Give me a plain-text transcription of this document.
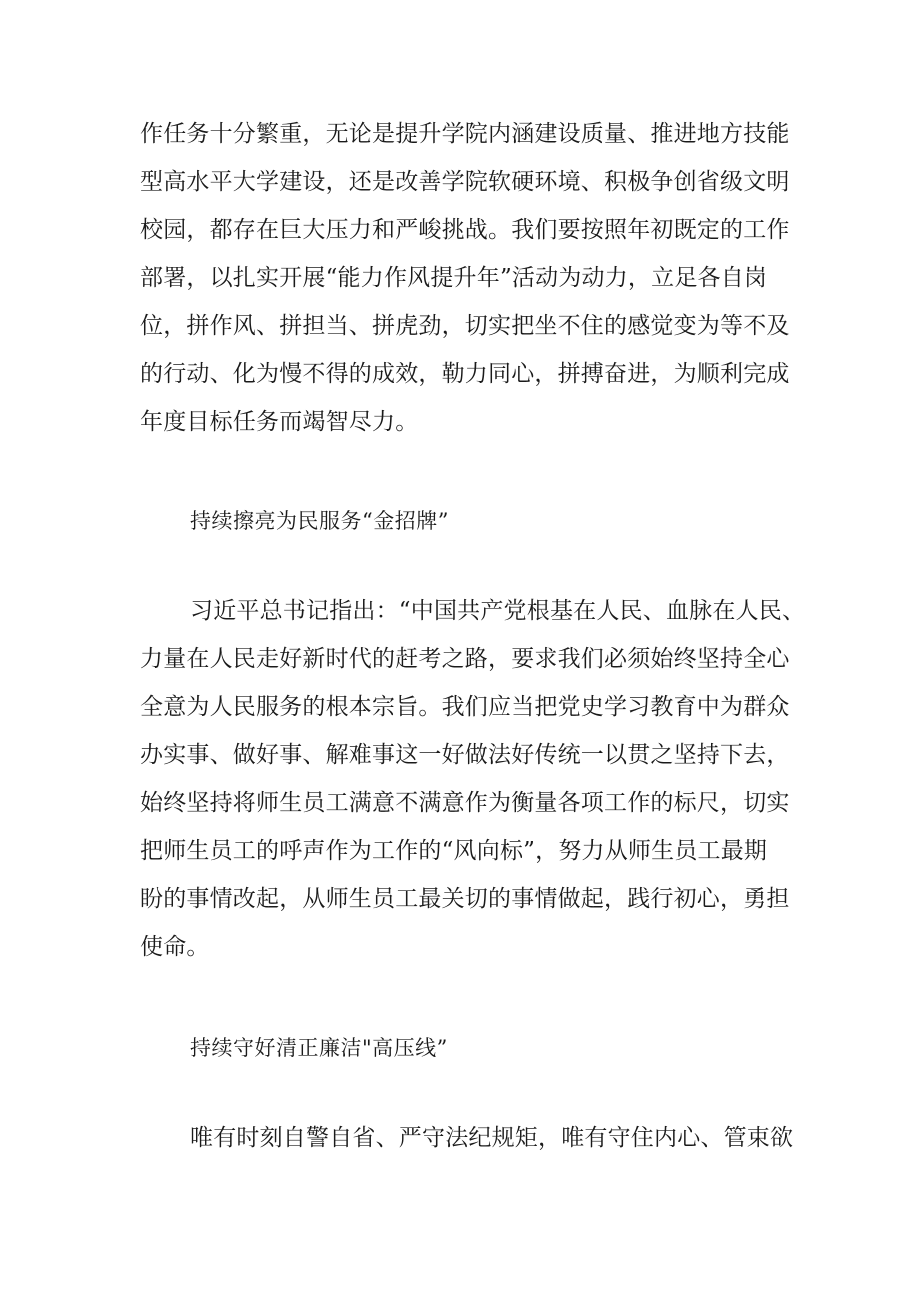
作任务十分繁重，无论是提升学院内涵建设质量、推进地方技能
型高水平大学建设，还是改善学院软硬环境、积极争创省级文明
校园，都存在巨大压力和严峻挑战。我们要按照年初既定的工作
部署，以扎实开展“能力作风提升年”活动为动力，立足各自岗
位，拼作风、拼担当、拼虎劲，切实把坐不住的感觉变为等不及
的行动、化为慢不得的成效，勒力同心，拼搏奋进，为顺利完成
年度目标任务而竭智尽力。
持续擦亮为民服务“金招牌”
习近平总书记指出：“中国共产党根基在人民、血脉在人民、
力量在人民走好新时代的赶考之路，要求我们必须始终坚持全心
全意为人民服务的根本宗旨。我们应当把党史学习教育中为群众
办实事、做好事、解难事这一好做法好传统一以贯之坚持下去，
始终坚持将师生员工满意不满意作为衡量各项工作的标尺，切实
把师生员工的呼声作为工作的“风向标”，努力从师生员工最期
盼的事情改起，从师生员工最关切的事情做起，践行初心，勇担
使命。
持续守好清正廉洁"高压线”
唯有时刻自警自省、严守法纪规矩，唯有守住内心、管束欲
